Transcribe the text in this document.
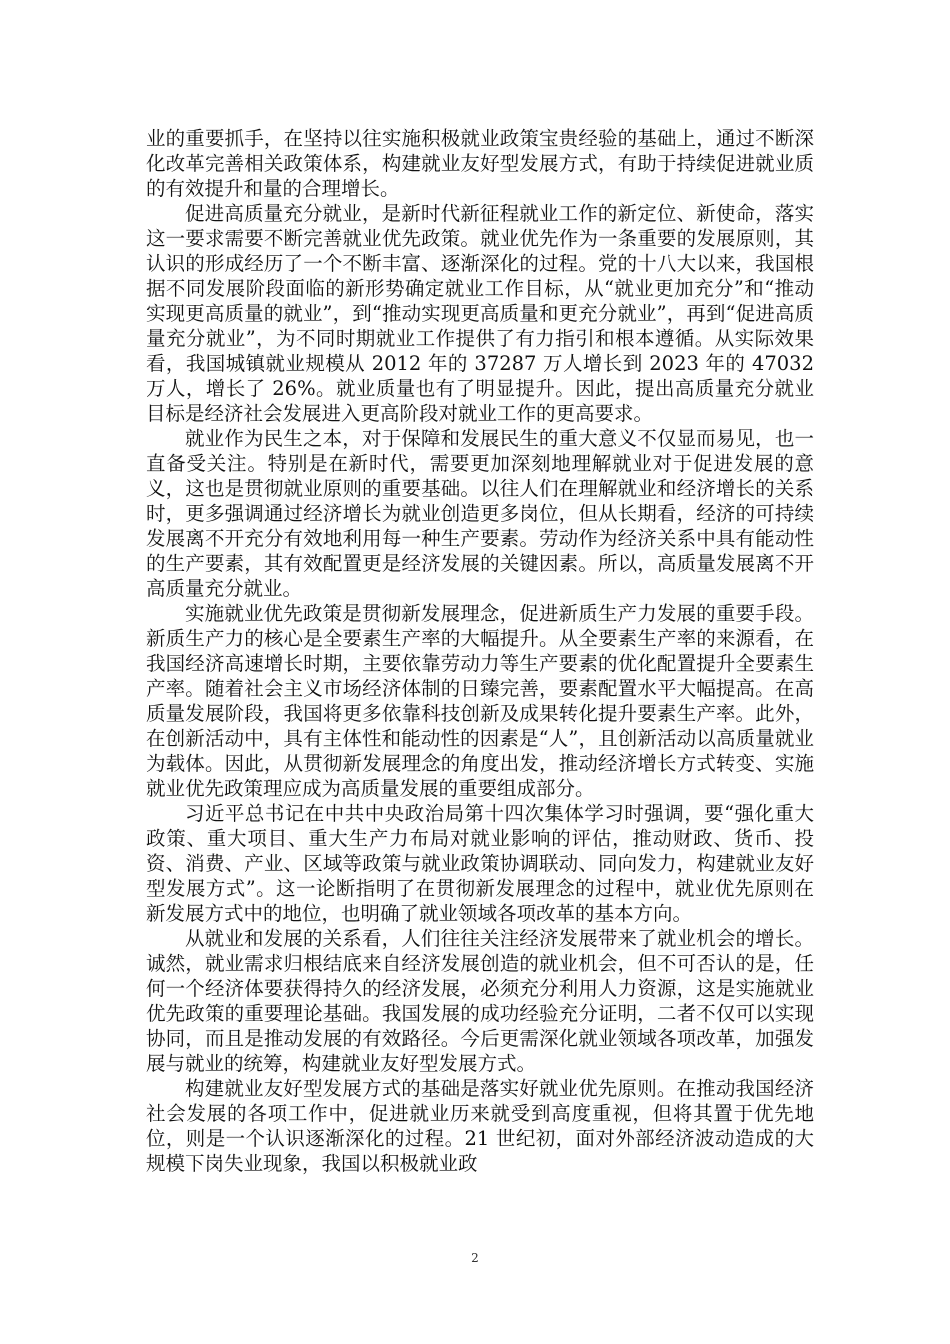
业的重要抓手，在坚持以往实施积极就业政策宝贵经验的基础上，通过不断深化改革完善相关政策体系，构建就业友好型发展方式，有助于持续促进就业质的有效提升和量的合理增长。

促进高质量充分就业，是新时代新征程就业工作的新定位、新使命，落实这一要求需要不断完善就业优先政策。就业优先作为一条重要的发展原则，其认识的形成经历了一个不断丰富、逐渐深化的过程。党的十八大以来，我国根据不同发展阶段面临的新形势确定就业工作目标，从“就业更加充分”和“推动实现更高质量的就业”，到“推动实现更高质量和更充分就业”，再到“促进高质量充分就业”，为不同时期就业工作提供了有力指引和根本遵循。从实际效果看，我国城镇就业规模从 2012 年的 37287 万人增长到 2023 年的 47032 万人，增长了 26%。就业质量也有了明显提升。因此，提出高质量充分就业目标是经济社会发展进入更高阶段对就业工作的更高要求。

就业作为民生之本，对于保障和发展民生的重大意义不仅显而易见，也一直备受关注。特别是在新时代，需要更加深刻地理解就业对于促进发展的意义，这也是贯彻就业原则的重要基础。以往人们在理解就业和经济增长的关系时，更多强调通过经济增长为就业创造更多岗位，但从长期看，经济的可持续发展离不开充分有效地利用每一种生产要素。劳动作为经济关系中具有能动性的生产要素，其有效配置更是经济发展的关键因素。所以，高质量发展离不开高质量充分就业。

实施就业优先政策是贯彻新发展理念，促进新质生产力发展的重要手段。新质生产力的核心是全要素生产率的大幅提升。从全要素生产率的来源看，在我国经济高速增长时期，主要依靠劳动力等生产要素的优化配置提升全要素生产率。随着社会主义市场经济体制的日臻完善，要素配置水平大幅提高。在高质量发展阶段，我国将更多依靠科技创新及成果转化提升要素生产率。此外，在创新活动中，具有主体性和能动性的因素是“人”，且创新活动以高质量就业为载体。因此，从贯彻新发展理念的角度出发，推动经济增长方式转变、实施就业优先政策理应成为高质量发展的重要组成部分。

习近平总书记在中共中央政治局第十四次集体学习时强调，要“强化重大政策、重大项目、重大生产力布局对就业影响的评估，推动财政、货币、投资、消费、产业、区域等政策与就业政策协调联动、同向发力，构建就业友好型发展方式”。这一论断指明了在贯彻新发展理念的过程中，就业优先原则在新发展方式中的地位，也明确了就业领域各项改革的基本方向。

从就业和发展的关系看，人们往往关注经济发展带来了就业机会的增长。诚然，就业需求归根结底来自经济发展创造的就业机会，但不可否认的是，任何一个经济体要获得持久的经济发展，必须充分利用人力资源，这是实施就业优先政策的重要理论基础。我国发展的成功经验充分证明，二者不仅可以实现协同，而且是推动发展的有效路径。今后更需深化就业领域各项改革，加强发展与就业的统筹，构建就业友好型发展方式。

构建就业友好型发展方式的基础是落实好就业优先原则。在推动我国经济社会发展的各项工作中，促进就业历来就受到高度重视，但将其置于优先地位，则是一个认识逐渐深化的过程。21 世纪初，面对外部经济波动造成的大规模下岗失业现象，我国以积极就业政

2
